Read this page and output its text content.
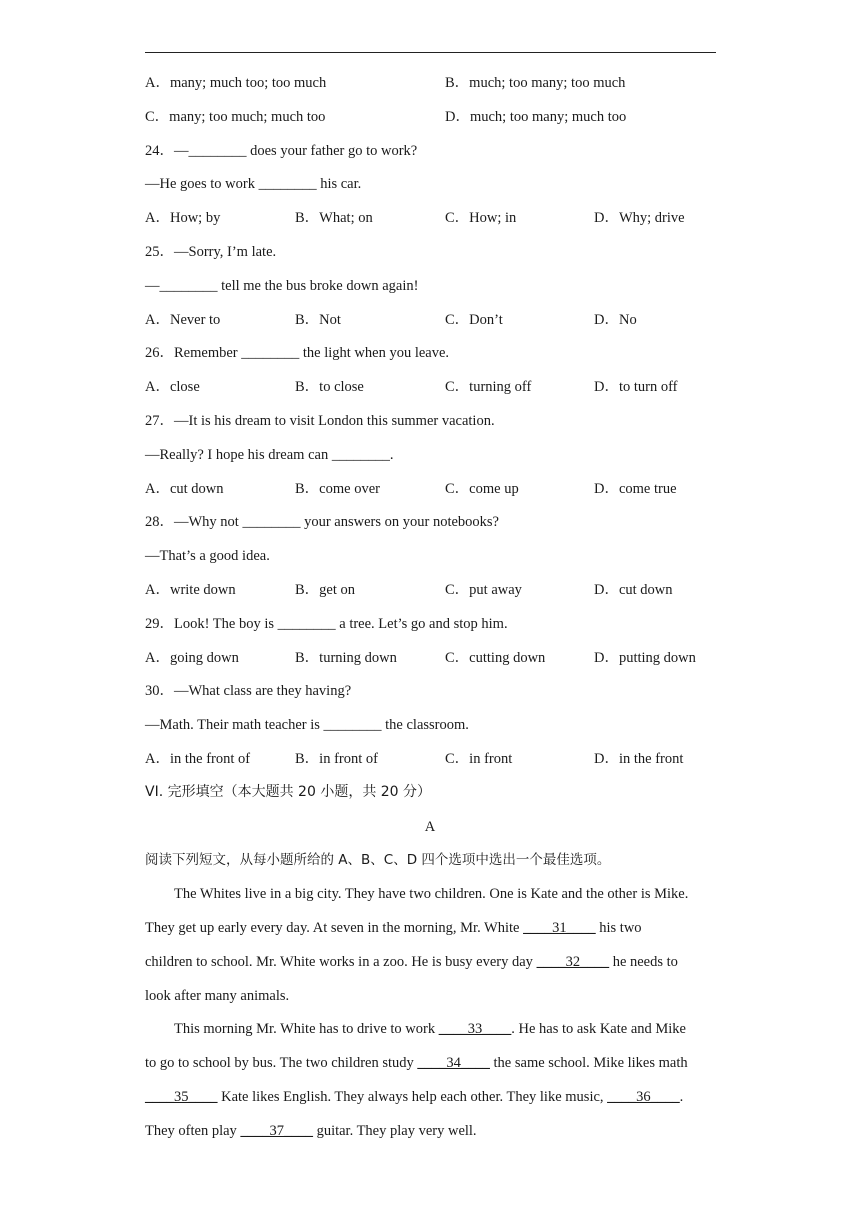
A．many; much too; too much	B．much; too many; too much
C．many; too much; much too	D．much; too many; much too
24．—________ does your father go to work?
—He goes to work ________ his car.
A．How; by	B．What; on	C．How; in	D．Why; drive
25．—Sorry, I’m late.
—________ tell me the bus broke down again!
A．Never to	B．Not	C．Don’t	D．No
26．Remember ________ the light when you leave.
A．close	B．to close	C．turning off	D．to turn off
27．—It is his dream to visit London this summer vacation.
—Really? I hope his dream can ________.
A．cut down	B．come over	C．come up	D．come true
28．—Why not ________ your answers on your notebooks?
—That’s a good idea.
A．write down	B．get on	C．put away	D．cut down
29．Look! The boy is ________ a tree. Let’s go and stop him.
A．going down	B．turning down	C．cutting down	D．putting down
30．—What class are they having?
—Math. Their math teacher is ________ the classroom.
A．in the front of	B．in front of	C．in front	D．in the front
VI. 完形填空（本大题共 20 小题，共 20 分）
A
阅读下列短文，从每小题所给的 A、B、C、D 四个选项中选出一个最佳选项。
The Whites live in a big city. They have two children. One is Kate and the other is Mike.
They get up early every day. At seven in the morning, Mr. White ____31____ his two
children to school. Mr. White works in a zoo. He is busy every day ____32____ he needs to
look after many animals.
This morning Mr. White has to drive to work ____33____. He has to ask Kate and Mike
to go to school by bus. The two children study ____34____ the same school. Mike likes math
____35____ Kate likes English. They always help each other. They like music, ____36____.
They often play ____37____ guitar. They play very well.
